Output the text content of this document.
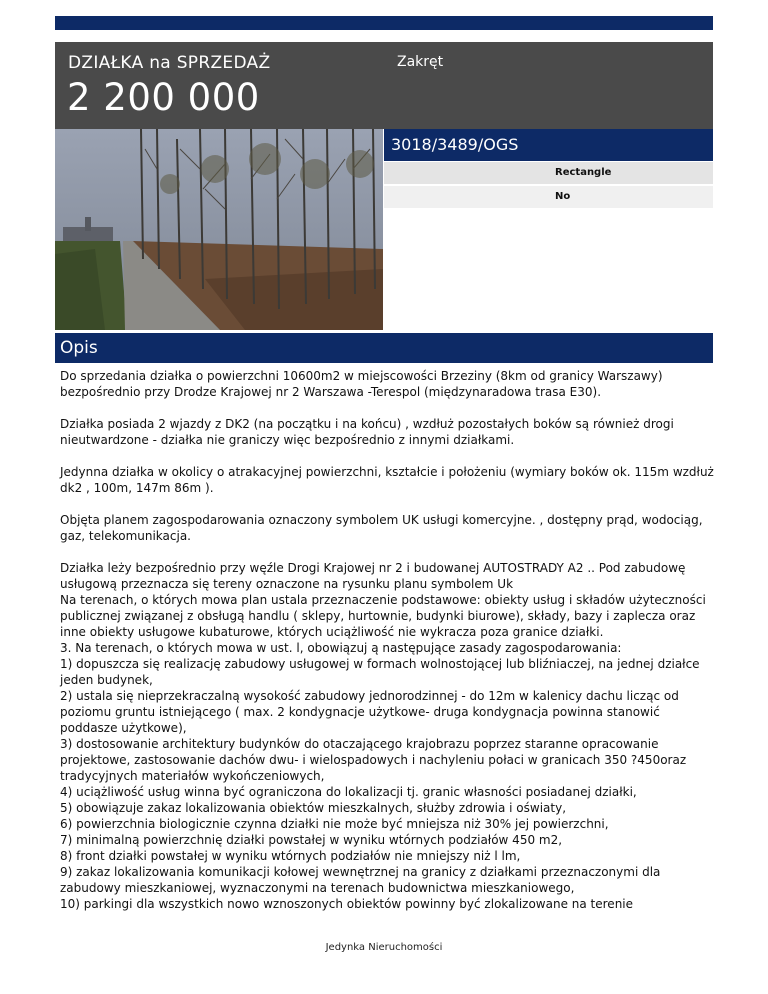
DZIAŁKA na SPRZEDAŻ
2 200 000
Zakręt
3018/3489/OGS
Rectangle
No
Opis

Do sprzedania działka o powierzchni 10600m2 w miejscowości Brzeziny (8km od granicy Warszawy) bezpośrednio przy Drodze Krajowej nr 2 Warszawa -Terespol (międzynaradowa trasa E30).

Działka posiada 2 wjazdy z DK2 (na początku i na końcu) , wzdłuż pozostałych boków są również drogi nieutwardzone - działka nie graniczy więc bezpośrednio z innymi działkami.

Jedynna działka w okolicy o atrakacyjnej powierzchni, kształcie i położeniu (wymiary boków ok. 115m wzdłuż dk2 , 100m, 147m 86m ).

Objęta planem zagospodarowania oznaczony symbolem UK usługi komercyjne. , dostępny prąd, wodociąg, gaz, telekomunikacja.

Działka leży bezpośrednio przy węźle Drogi Krajowej nr 2 i budowanej AUTOSTRADY A2 .. Pod zabudowę usługową przeznacza się tereny oznaczone na rysunku planu symbolem Uk
Na terenach, o których mowa plan ustala przeznaczenie podstawowe: obiekty usług i składów użyteczności publicznej związanej z obsługą handlu ( sklepy, hurtownie, budynki biurowe), składy, bazy i zaplecza oraz inne obiekty usługowe kubaturowe, których uciążliwość nie wykracza poza granice działki.
3. Na terenach, o których mowa w ust. l, obowiązuj ą następujące zasady zagospodarowania:
1) dopuszcza się realizację zabudowy usługowej w formach wolnostojącej lub bliźniaczej, na jednej działce jeden budynek,
2) ustala się nieprzekraczalną wysokość zabudowy jednorodzinnej - do 12m w kalenicy dachu licząc od poziomu gruntu istniejącego ( max. 2 kondygnacje użytkowe- druga kondygnacja powinna stanowić poddasze użytkowe),
3) dostosowanie architektury budynków do otaczającego krajobrazu poprzez staranne opracowanie projektowe, zastosowanie dachów dwu- i wielospadowych i nachyleniu połaci w granicach 350 ?450oraz tradycyjnych materiałów wykończeniowych,
4) uciążliwość usług winna być ograniczona do lokalizacji tj. granic własności posiadanej działki,
5) obowiązuje zakaz lokalizowania obiektów mieszkalnych, służby zdrowia i oświaty,
6) powierzchnia biologicznie czynna działki nie może być mniejsza niż 30% jej powierzchni,
7) minimalną powierzchnię działki powstałej w wyniku wtórnych podziałów 450 m2,
8) front działki powstałej w wyniku wtórnych podziałów nie mniejszy niż l lm,
9) zakaz lokalizowania komunikacji kołowej wewnętrznej na granicy z działkami przeznaczonymi dla zabudowy mieszkaniowej, wyznaczonymi na terenach budownictwa mieszkaniowego,
10) parkingi dla wszystkich nowo wznoszonych obiektów powinny być zlokalizowane na terenie

Jedynka Nieruchomości
